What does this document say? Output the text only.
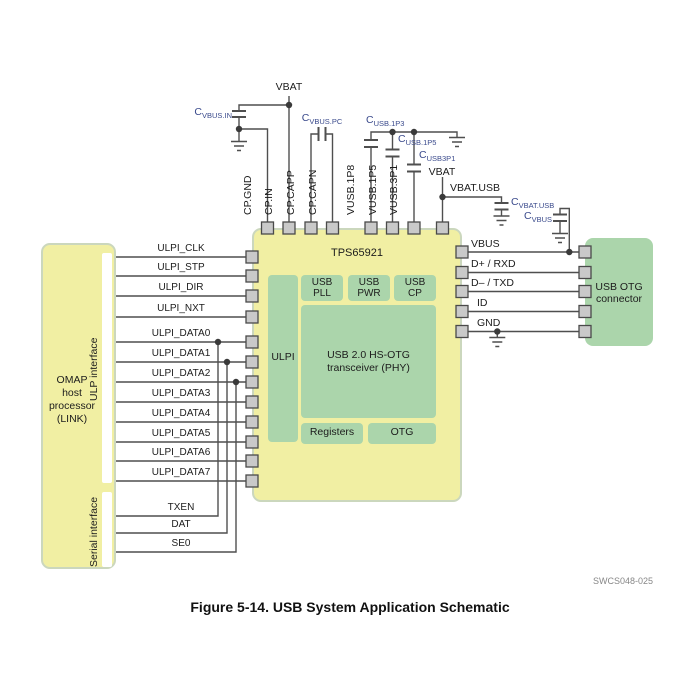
OMAP
host
processor
(LINK)
ULP interface
Serial interface
TPS65921
ULPI
USB
PLL
USB
PWR
USB
CP
USB 2.0 HS-OTG
transceiver (PHY)
Registers	OTG
USB OTG
connector
ULPI_CLK
ULPI_STP
ULPI_DIR
ULPI_NXT
ULPI_DATA0
ULPI_DATA1
ULPI_DATA2
ULPI_DATA3
ULPI_DATA4
ULPI_DATA5
ULPI_DATA6
ULPI_DATA7
TXEN
DAT
SE0
CP.GND CP.IN CP.CAPP CP.CAPN	VUSB.1P8 VUSB.1P5 VUSB.3P1
VBAT
VBAT
VBAT.USB
VBUS
D+ / RXD
D– / TXD
ID
GND
$C_{VBUS.IN}$	$C_{VBUS.PC}$	$C_{USB.1P3}$
$C_{USB.1P5}$
$C_{USB3P1}$
$C_{VBAT.USB}$
$C_{VBUS}$
SWCS048-025
Figure 5-14. USB System Application Schematic
